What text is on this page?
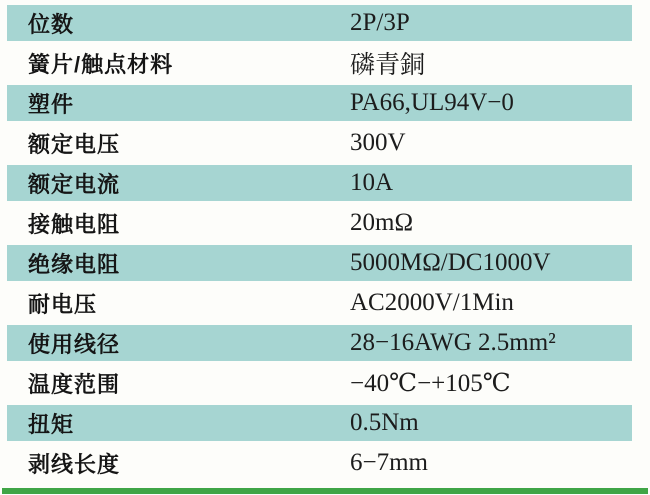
位数	2P/3P
簧片/触点材料	磷青銅
塑件	PA66,UL94V−0
额定电压	300V
额定电流	10A
接触电阻	20mΩ
绝缘电阻	5000MΩ/DC1000V
耐电压	AC2000V/1Min
使用线径	28−16AWG 2.5mm²
温度范围	−40℃−+105℃
扭矩	0.5Nm
剥线长度	6−7mm
